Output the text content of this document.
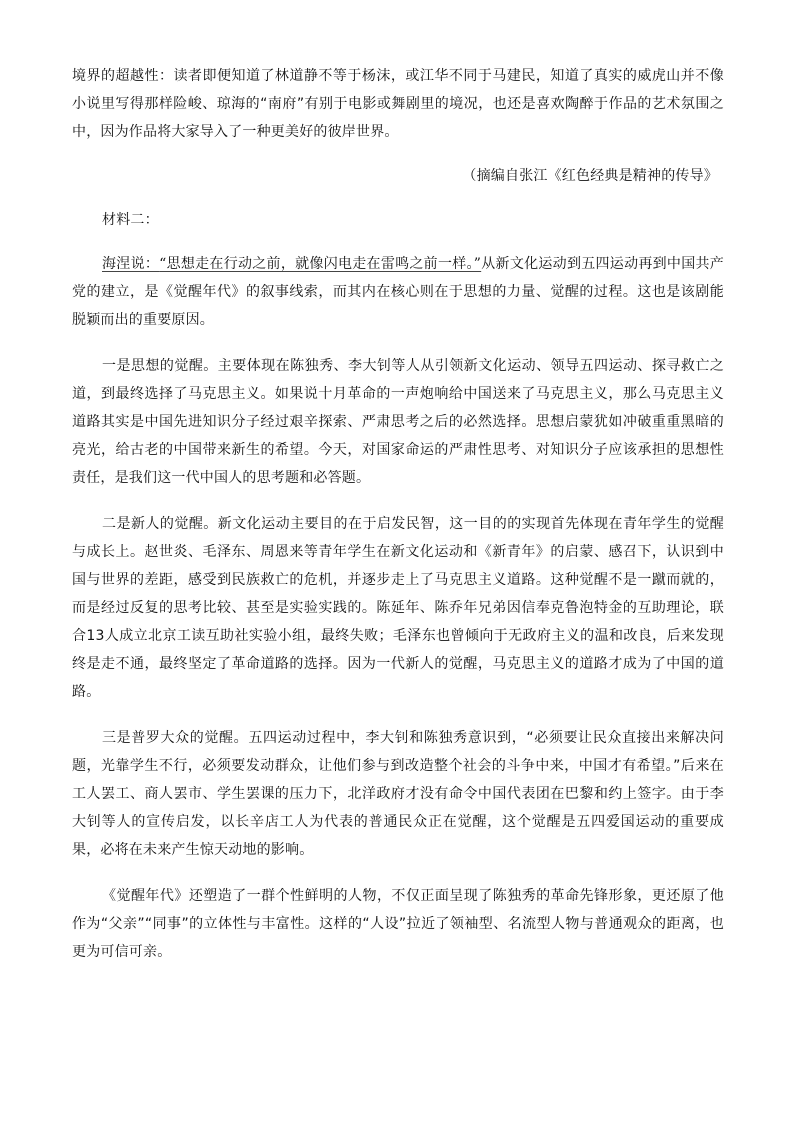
境界的超越性：读者即便知道了林道静不等于杨沫，或江华不同于马建民，知道了真实的威虎山并不像小说里写得那样险峻、琼海的“南府”有别于电影或舞剧里的境况，也还是喜欢陶醉于作品的艺术氛围之中，因为作品将大家导入了一种更美好的彼岸世界。

（摘编自张江《红色经典是精神的传导》

材料二：

海涅说：“思想走在行动之前，就像闪电走在雷鸣之前一样。”从新文化运动到五四运动再到中国共产党的建立，是《觉醒年代》的叙事线索，而其内在核心则在于思想的力量、觉醒的过程。这也是该剧能脱颖而出的重要原因。

一是思想的觉醒。主要体现在陈独秀、李大钊等人从引领新文化运动、领导五四运动、探寻救亡之道，到最终选择了马克思主义。如果说十月革命的一声炮响给中国送来了马克思主义，那么马克思主义道路其实是中国先进知识分子经过艰辛探索、严肃思考之后的必然选择。思想启蒙犹如冲破重重黑暗的亮光，给古老的中国带来新生的希望。今天，对国家命运的严肃性思考、对知识分子应该承担的思想性责任，是我们这一代中国人的思考题和必答题。

二是新人的觉醒。新文化运动主要目的在于启发民智，这一目的的实现首先体现在青年学生的觉醒与成长上。赵世炎、毛泽东、周恩来等青年学生在新文化运动和《新青年》的启蒙、感召下，认识到中国与世界的差距，感受到民族救亡的危机，并逐步走上了马克思主义道路。这种觉醒不是一蹴而就的，而是经过反复的思考比较、甚至是实验实践的。陈延年、陈乔年兄弟因信奉克鲁泡特金的互助理论，联合13人成立北京工读互助社实验小组，最终失败；毛泽东也曾倾向于无政府主义的温和改良，后来发现终是走不通，最终坚定了革命道路的选择。因为一代新人的觉醒，马克思主义的道路才成为了中国的道路。

三是普罗大众的觉醒。五四运动过程中，李大钊和陈独秀意识到，“必须要让民众直接出来解决问题，光靠学生不行，必须要发动群众，让他们参与到改造整个社会的斗争中来，中国才有希望。”后来在工人罢工、商人罢市、学生罢课的压力下，北洋政府才没有命令中国代表团在巴黎和约上签字。由于李大钊等人的宣传启发，以长辛店工人为代表的普通民众正在觉醒，这个觉醒是五四爱国运动的重要成果，必将在未来产生惊天动地的影响。

《觉醒年代》还塑造了一群个性鲜明的人物，不仅正面呈现了陈独秀的革命先锋形象，更还原了他作为“父亲”“同事”的立体性与丰富性。这样的“人设”拉近了领袖型、名流型人物与普通观众的距离，也更为可信可亲。
